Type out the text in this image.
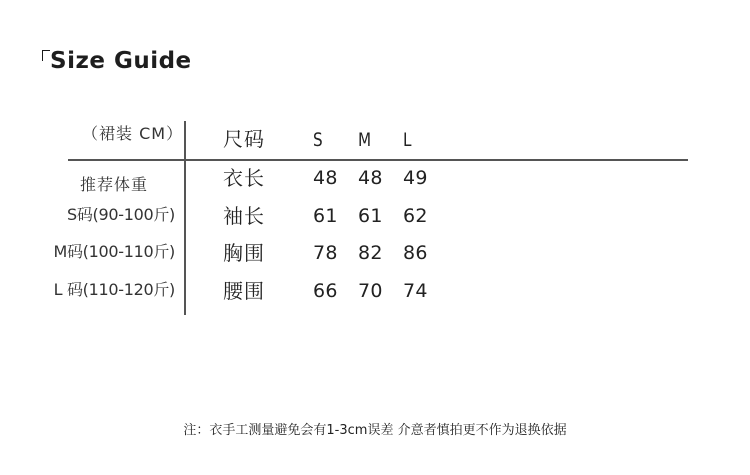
Size Guide
（裙装 CM）
推荐体重
S码(90-100斤)
M码(100-110斤)
L 码(110-120斤)
尺码	S M L
衣长	48 48 49
袖长	61 61 62
胸围	78 82 86
腰围	66 70 74
注：衣手工测量避免会有1-3cm误差 介意者慎拍更不作为退换依据
